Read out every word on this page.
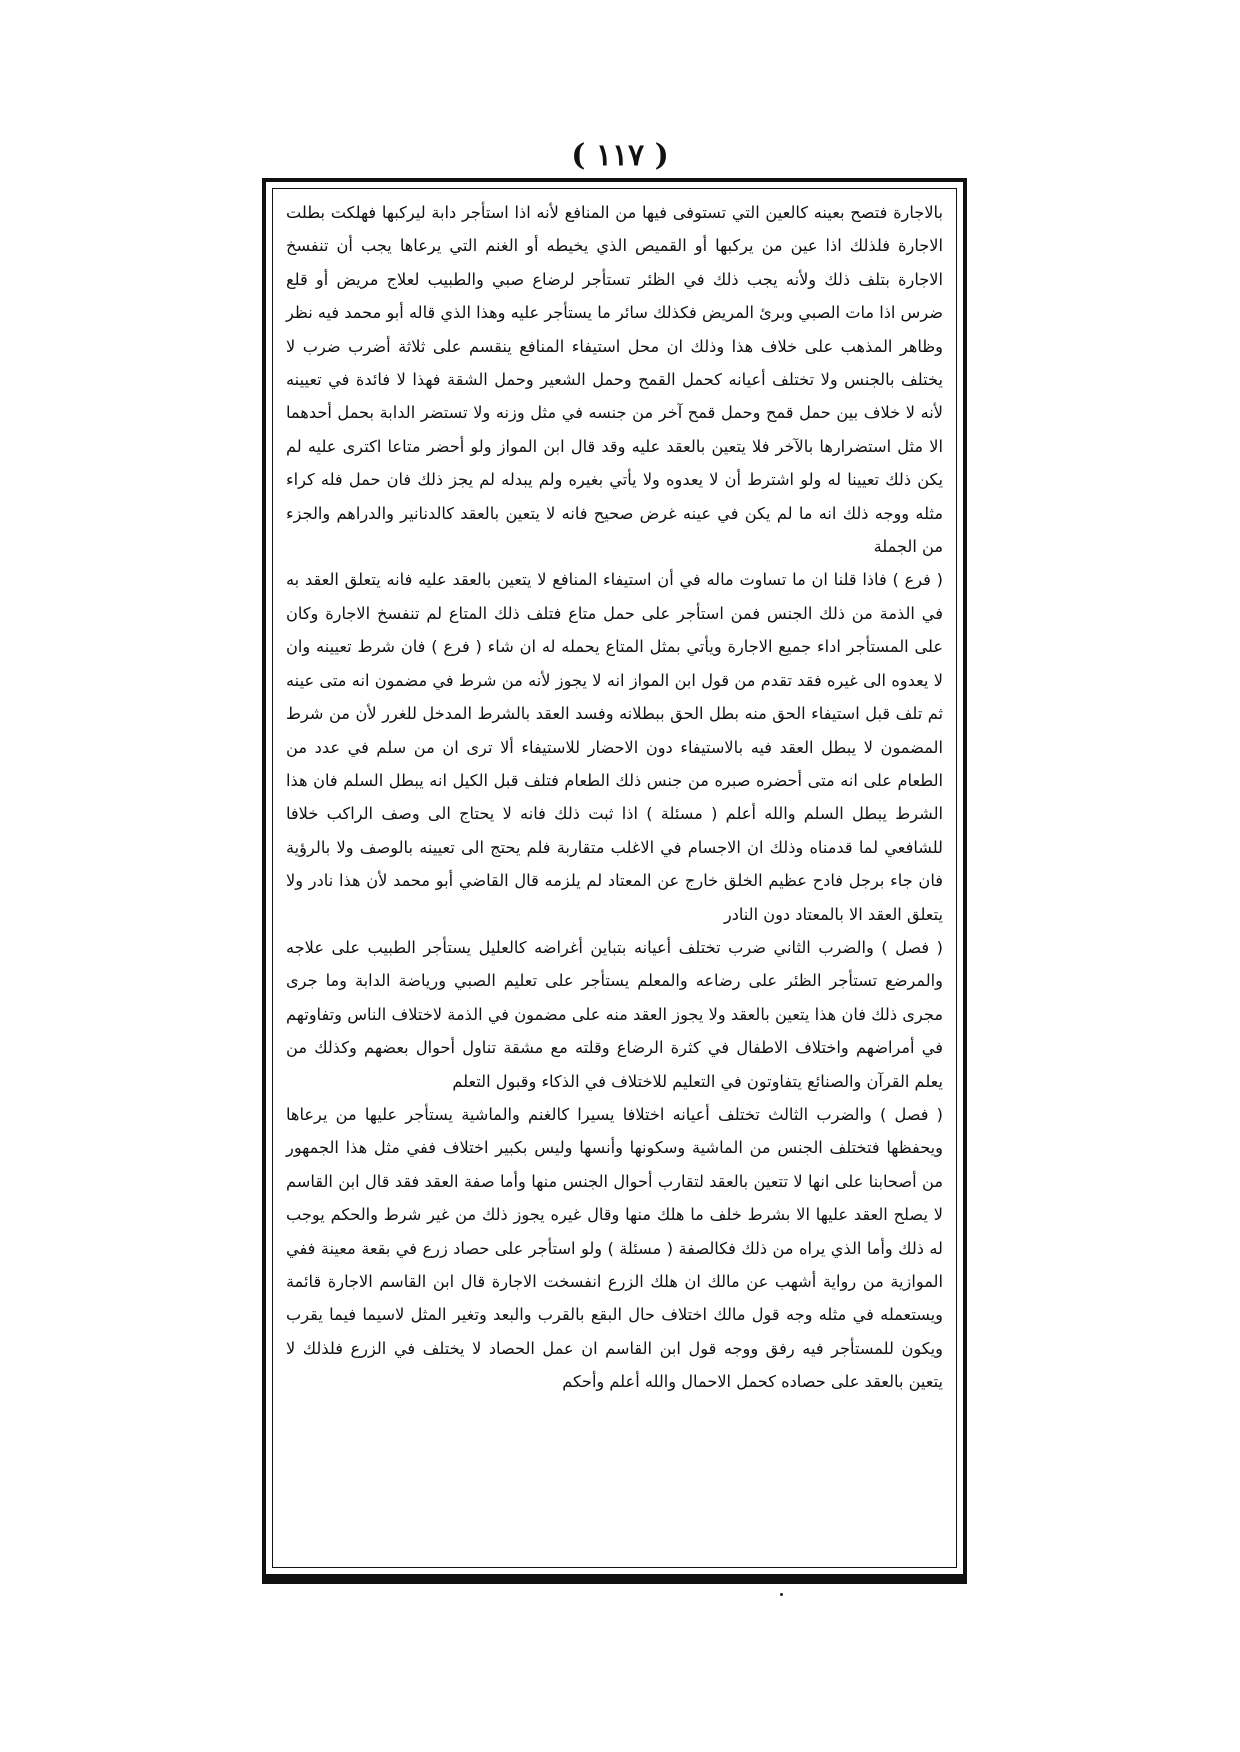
( ١١٧ )

بالاجارة فتصح بعينه كالعين التي تستوفى فيها من المنافع لأنه اذا استأجر دابة ليركبها فهلكت بطلت الاجارة فلذلك اذا عين من يركبها أو القميص الذي يخيطه أو الغنم التي يرعاها يجب أن تنفسخ الاجارة بتلف ذلك ولأنه يجب ذلك في الظئر تستأجر لرضاع صبي والطبيب لعلاج مريض أو قلع ضرس اذا مات الصبي وبرئ المريض فكذلك سائر ما يستأجر عليه وهذا الذي قاله أبو محمد فيه نظر وظاهر المذهب على خلاف هذا وذلك ان محل استيفاء المنافع ينقسم على ثلاثة أضرب ضرب لا يختلف بالجنس ولا تختلف أعيانه كحمل القمح وحمل الشعير وحمل الشقة فهذا لا فائدة في تعيينه لأنه لا خلاف بين حمل قمح وحمل قمح آخر من جنسه في مثل وزنه ولا تستضر الدابة بحمل أحدهما الا مثل استضرارها بالآخر فلا يتعين بالعقد عليه وقد قال ابن المواز ولو أحضر متاعا اكترى عليه لم يكن ذلك تعيينا له ولو اشترط أن لا يعدوه ولا يأتي بغيره ولم يبدله لم يجز ذلك فان حمل فله كراء مثله ووجه ذلك انه ما لم يكن في عينه غرض صحيح فانه لا يتعين بالعقد كالدنانير والدراهم والجزء من الجملة

( فرع ) فاذا قلنا ان ما تساوت ماله في أن استيفاء المنافع لا يتعين بالعقد عليه فانه يتعلق العقد به في الذمة من ذلك الجنس فمن استأجر على حمل متاع فتلف ذلك المتاع لم تنفسخ الاجارة وكان على المستأجر اداء جميع الاجارة ويأتي بمثل المتاع يحمله له ان شاء ( فرع ) فان شرط تعيينه وان لا يعدوه الى غيره فقد تقدم من قول ابن المواز انه لا يجوز لأنه من شرط في مضمون انه متى عينه ثم تلف قبل استيفاء الحق منه بطل الحق ببطلانه وفسد العقد بالشرط المدخل للغرر لأن من شرط المضمون لا يبطل العقد فيه بالاستيفاء دون الاحضار للاستيفاء ألا ترى ان من سلم في عدد من الطعام على انه متى أحضره صبره من جنس ذلك الطعام فتلف قبل الكيل انه يبطل السلم فان هذا الشرط يبطل السلم والله أعلم ( مسئلة ) اذا ثبت ذلك فانه لا يحتاج الى وصف الراكب خلافا للشافعي لما قدمناه وذلك ان الاجسام في الاغلب متقاربة فلم يحتج الى تعيينه بالوصف ولا بالرؤية فان جاء برجل فادح عظيم الخلق خارج عن المعتاد لم يلزمه قال القاضي أبو محمد لأن هذا نادر ولا يتعلق العقد الا بالمعتاد دون النادر

( فصل ) والضرب الثاني ضرب تختلف أعيانه بتباين أغراضه كالعليل يستأجر الطبيب على علاجه والمرضع تستأجر الظئر على رضاعه والمعلم يستأجر على تعليم الصبي ورياضة الدابة وما جرى مجرى ذلك فان هذا يتعين بالعقد ولا يجوز العقد منه على مضمون في الذمة لاختلاف الناس وتفاوتهم في أمراضهم واختلاف الاطفال في كثرة الرضاع وقلته مع مشقة تناول أحوال بعضهم وكذلك من يعلم القرآن والصنائع يتفاوتون في التعليم للاختلاف في الذكاء وقبول التعلم

( فصل ) والضرب الثالث تختلف أعيانه اختلافا يسيرا كالغنم والماشية يستأجر عليها من يرعاها ويحفظها فتختلف الجنس من الماشية وسكونها وأنسها وليس بكبير اختلاف ففي مثل هذا الجمهور من أصحابنا على انها لا تتعين بالعقد لتقارب أحوال الجنس منها وأما صفة العقد فقد قال ابن القاسم لا يصلح العقد عليها الا بشرط خلف ما هلك منها وقال غيره يجوز ذلك من غير شرط والحكم يوجب له ذلك وأما الذي يراه من ذلك فكالصفة ( مسئلة ) ولو استأجر على حصاد زرع في بقعة معينة ففي الموازية من رواية أشهب عن مالك ان هلك الزرع انفسخت الاجارة قال ابن القاسم الاجارة قائمة ويستعمله في مثله وجه قول مالك اختلاف حال البقع بالقرب والبعد وتغير المثل لاسيما فيما يقرب ويكون للمستأجر فيه رفق ووجه قول ابن القاسم ان عمل الحصاد لا يختلف في الزرع فلذلك لا يتعين بالعقد على حصاده كحمل الاحمال والله أعلم وأحكم
